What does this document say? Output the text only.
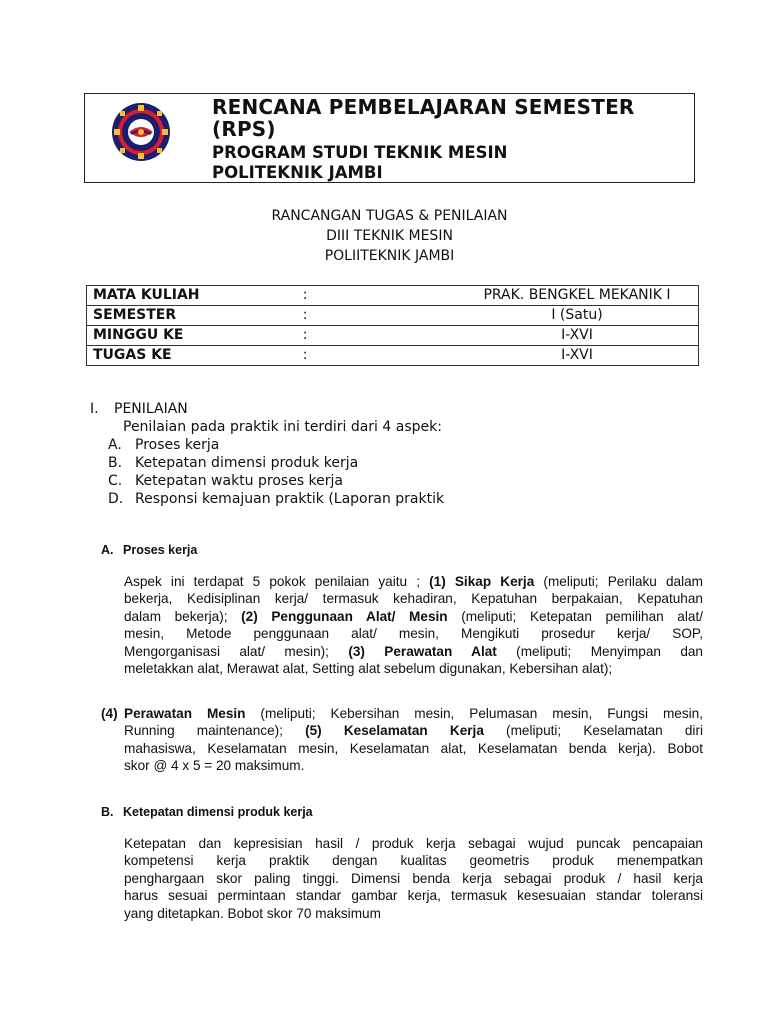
RENCANA PEMBELAJARAN SEMESTER
(RPS)
PROGRAM STUDI TEKNIK MESIN
POLITEKNIK JAMBI
RANCANGAN TUGAS & PENILAIAN
DIII TEKNIK MESIN
POLIITEKNIK JAMBI
MATA KULIAH	:	PRAK. BENGKEL MEKANIK I
SEMESTER	:	I (Satu)
MINGGU KE	:	I-XVI
TUGAS KE	:	I-XVI
I. PENILAIAN
Penilaian pada praktik ini terdiri dari 4 aspek:
A. Proses kerja
B. Ketepatan dimensi produk kerja
C. Ketepatan waktu proses kerja
D. Responsi kemajuan praktik (Laporan praktik
A. Proses kerja
Aspek ini terdapat 5 pokok penilaian yaitu ; (1) Sikap Kerja (meliputi; Perilaku dalam
bekerja, Kedisiplinan kerja/ termasuk kehadiran, Kepatuhan berpakaian, Kepatuhan
dalam bekerja); (2) Penggunaan Alat/ Mesin (meliputi; Ketepatan pemilihan alat/
mesin, Metode penggunaan alat/ mesin, Mengikuti prosedur kerja/ SOP,
Mengorganisasi alat/ mesin); (3) Perawatan Alat (meliputi; Menyimpan dan
meletakkan alat, Merawat alat, Setting alat sebelum digunakan, Kebersihan alat);
(4) Perawatan Mesin (meliputi; Kebersihan mesin, Pelumasan mesin, Fungsi mesin,
Running maintenance); (5) Keselamatan Kerja (meliputi; Keselamatan diri
mahasiswa, Keselamatan mesin, Keselamatan alat, Keselamatan benda kerja). Bobot
skor @ 4 x 5 = 20 maksimum.
B. Ketepatan dimensi produk kerja
Ketepatan dan kepresisian hasil / produk kerja sebagai wujud puncak pencapaian
kompetensi kerja praktik dengan kualitas geometris produk menempatkan
penghargaan skor paling tinggi. Dimensi benda kerja sebagai produk / hasil kerja
harus sesuai permintaan standar gambar kerja, termasuk kesesuaian standar toleransi
yang ditetapkan. Bobot skor 70 maksimum
